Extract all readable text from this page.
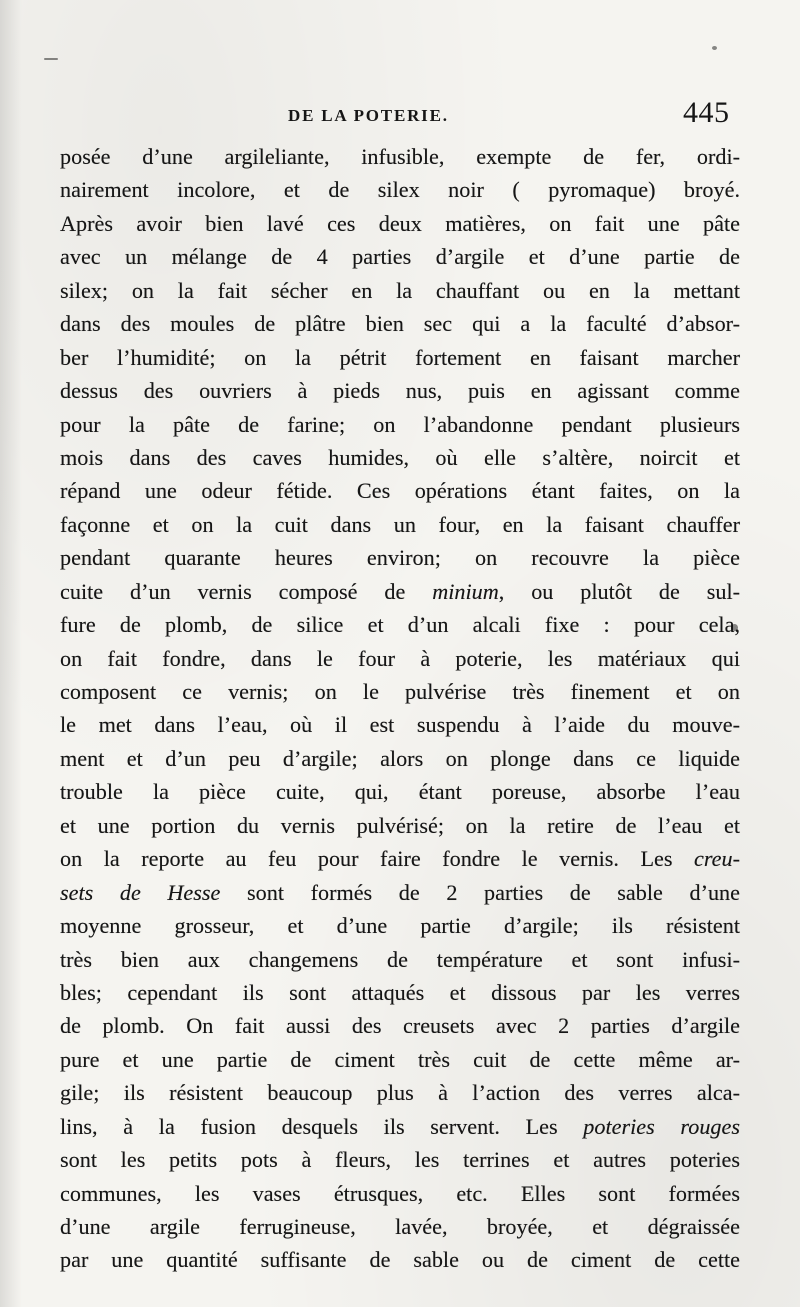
DE LA POTERIE.	445
posée d’une argileliante, infusible, exempte de fer, ordi-
nairement incolore, et de silex noir ( pyromaque) broyé.
Après avoir bien lavé ces deux matières, on fait une pâte
avec un mélange de 4 parties d’argile et d’une partie de
silex; on la fait sécher en la chauffant ou en la mettant
dans des moules de plâtre bien sec qui a la faculté d’absor-
ber l’humidité; on la pétrit fortement en faisant marcher
dessus des ouvriers à pieds nus, puis en agissant comme
pour la pâte de farine; on l’abandonne pendant plusieurs
mois dans des caves humides, où elle s’altère, noircit et
répand une odeur fétide. Ces opérations étant faites, on la
façonne et on la cuit dans un four, en la faisant chauffer
pendant quarante heures environ; on recouvre la pièce
cuite d’un vernis composé de minium, ou plutôt de sul-
fure de plomb, de silice et d’un alcali fixe : pour cela,
on fait fondre, dans le four à poterie, les matériaux qui
composent ce vernis; on le pulvérise très finement et on
le met dans l’eau, où il est suspendu à l’aide du mouve-
ment et d’un peu d’argile; alors on plonge dans ce liquide
trouble la pièce cuite, qui, étant poreuse, absorbe l’eau
et une portion du vernis pulvérisé; on la retire de l’eau et
on la reporte au feu pour faire fondre le vernis. Les creu-
sets de Hesse sont formés de 2 parties de sable d’une
moyenne grosseur, et d’une partie d’argile; ils résistent
très bien aux changemens de température et sont infusi-
bles; cependant ils sont attaqués et dissous par les verres
de plomb. On fait aussi des creusets avec 2 parties d’argile
pure et une partie de ciment très cuit de cette même ar-
gile; ils résistent beaucoup plus à l’action des verres alca-
lins, à la fusion desquels ils servent. Les poteries rouges
sont les petits pots à fleurs, les terrines et autres poteries
communes, les vases étrusques, etc. Elles sont formées
d’une argile ferrugineuse, lavée, broyée, et dégraissée
par une quantité suffisante de sable ou de ciment de cette
